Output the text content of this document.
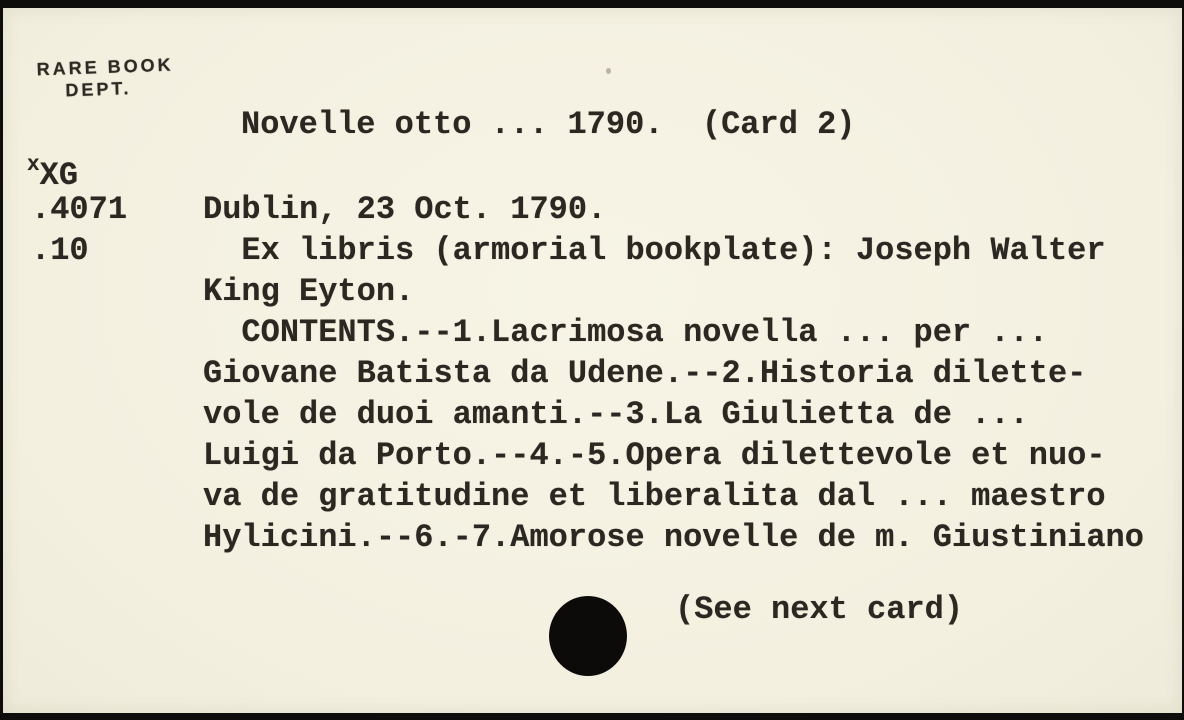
RARE BOOK
DEPT.
$^x$XG
.4071
.10
Novelle otto ... 1790.  (Card 2)
Dublin, 23 Oct. 1790.
Ex libris (armorial bookplate): Joseph Walter
King Eyton.
CONTENTS.--1.Lacrimosa novella ... per ...
Giovane Batista da Udene.--2.Historia dilette-
vole de duoi amanti.--3.La Giulietta de ...
Luigi da Porto.--4.-5.Opera dilettevole et nuo-
va de gratitudine et liberalita dal ... maestro
Hylicini.--6.-7.Amorose novelle de m. Giustiniano
(See next card)
